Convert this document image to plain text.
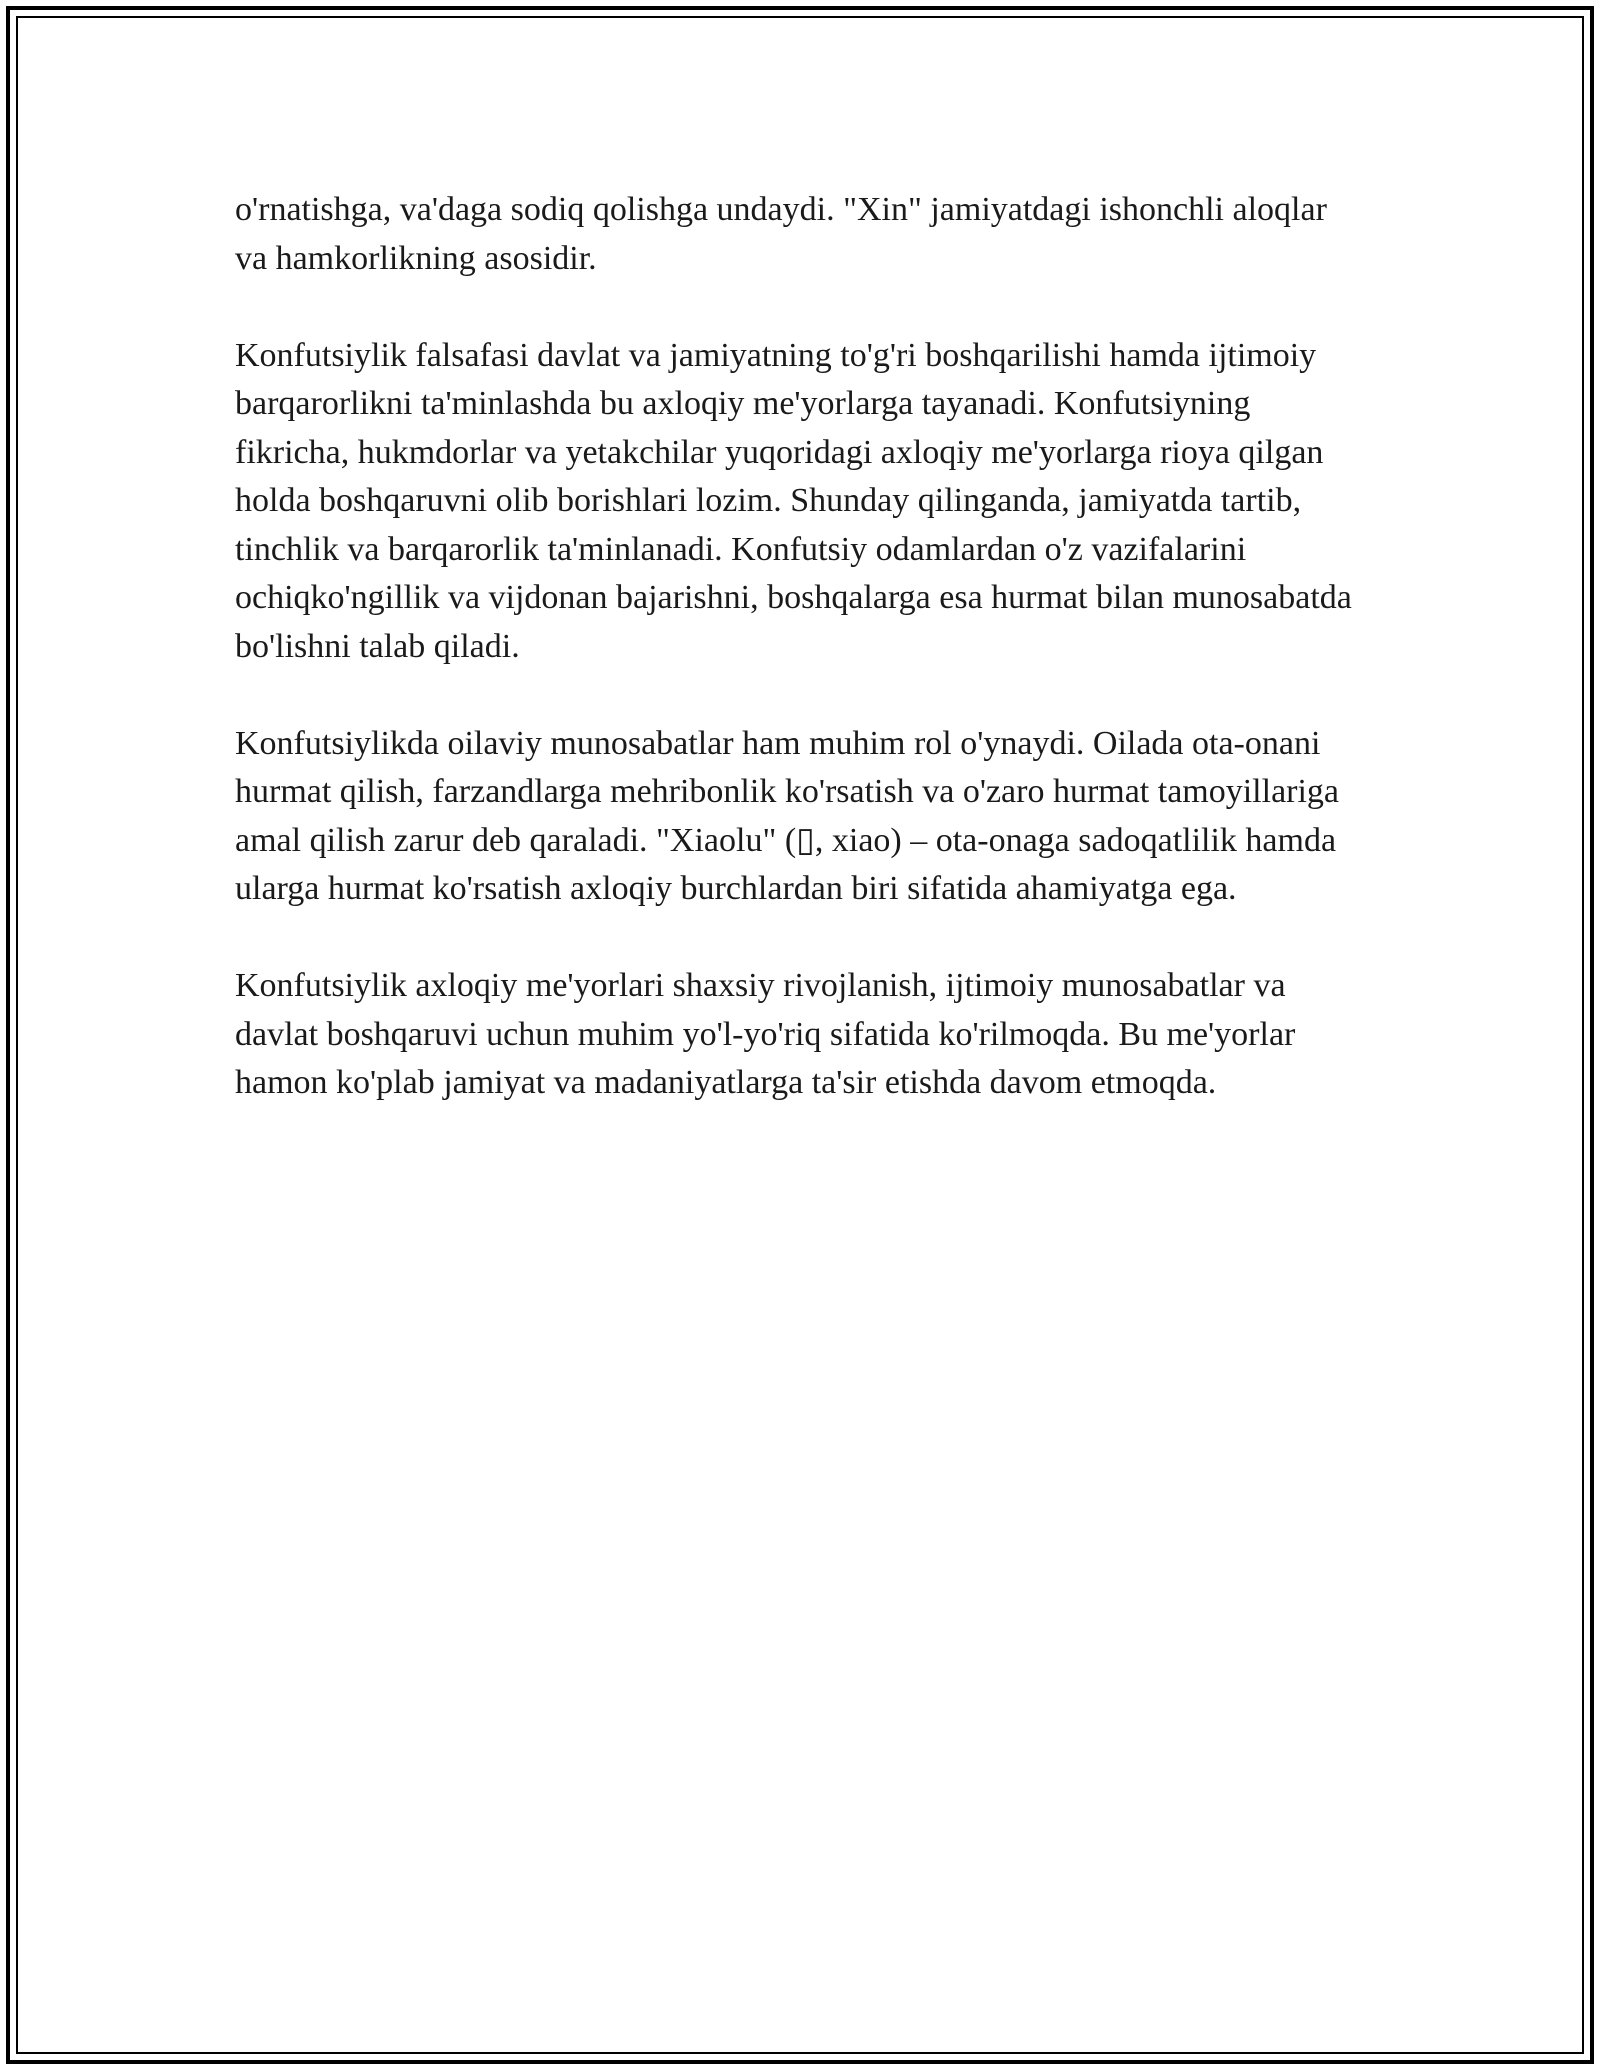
o'rnatishga, va'daga sodiq qolishga undaydi. "Xin" jamiyatdagi ishonchli aloqlar va hamkorlikning asosidir.

Konfutsiylik falsafasi davlat va jamiyatning to'g'ri boshqarilishi hamda ijtimoiy barqarorlikni ta'minlashda bu axloqiy me'yorlarga tayanadi. Konfutsiyning fikricha, hukmdorlar va yetakchilar yuqoridagi axloqiy me'yorlarga rioya qilgan holda boshqaruvni olib borishlari lozim. Shunday qilinganda, jamiyatda tartib, tinchlik va barqarorlik ta'minlanadi. Konfutsiy odamlardan o'z vazifalarini ochiqko'ngillik va vijdonan bajarishni, boshqalarga esa hurmat bilan munosabatda bo'lishni talab qiladi.

Konfutsiylikda oilaviy munosabatlar ham muhim rol o'ynaydi. Oilada ota-onani hurmat qilish, farzandlarga mehribonlik ko'rsatish va o'zaro hurmat tamoyillariga amal qilish zarur deb qaraladi. "Xiaolu" (▯, xiao) – ota-onaga sadoqatlilik hamda ularga hurmat ko'rsatish axloqiy burchlardan biri sifatida ahamiyatga ega.

Konfutsiylik axloqiy me'yorlari shaxsiy rivojlanish, ijtimoiy munosabatlar va davlat boshqaruvi uchun muhim yo'l-yo'riq sifatida ko'rilmoqda. Bu me'yorlar hamon ko'plab jamiyat va madaniyatlarga ta'sir etishda davom etmoqda.
